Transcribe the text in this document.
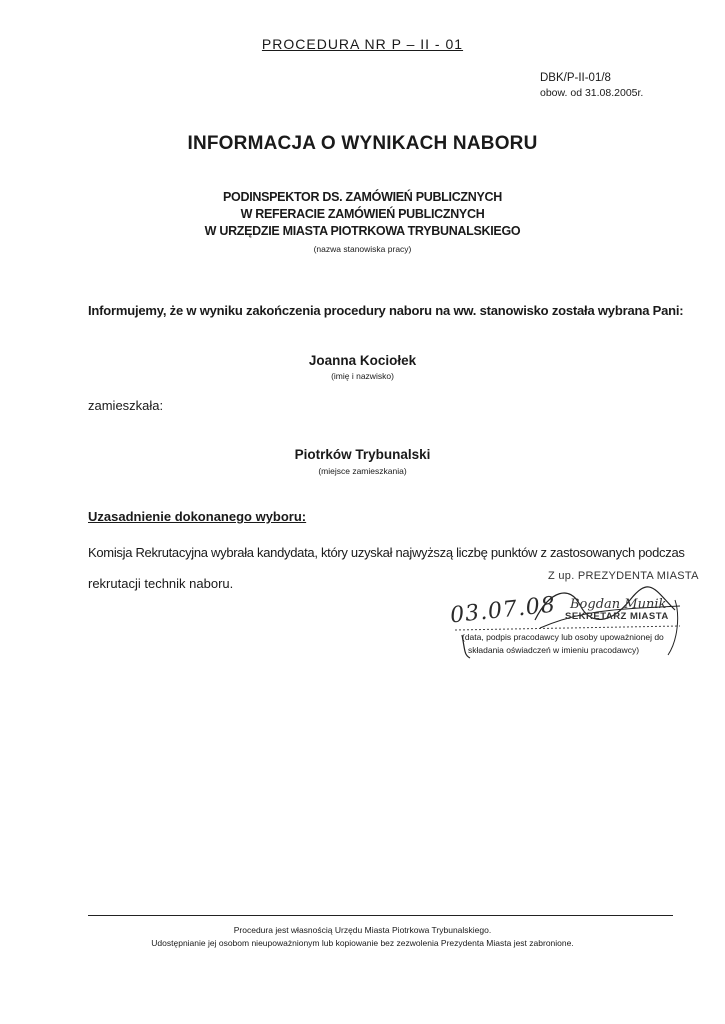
PROCEDURA NR P – II - 01
DBK/P-II-01/8
obow. od 31.08.2005r.
INFORMACJA O WYNIKACH NABORU
PODINSPEKTOR DS. ZAMÓWIEŃ PUBLICZNYCH
W REFERACIE ZAMÓWIEŃ PUBLICZNYCH
W URZĘDZIE MIASTA PIOTRKOWA TRYBUNALSKIEGO
(nazwa stanowiska pracy)
Informujemy, że w wyniku zakończenia procedury naboru na ww. stanowisko została wybrana Pani:
Joanna Kociołek
(imię i nazwisko)
zamieszkała:
Piotrków Trybunalski
(miejsce zamieszkania)
Uzasadnienie dokonanego wyboru:
Komisja Rekrutacyjna wybrała kandydata, który uzyskał najwyższą liczbę punktów z zastosowanych podczas
rekrutacji technik naboru.	Z up. PREZYDENTA MIASTA
03.07.08 Bogdan Munik
SEKRETARZ MIASTA
(data, podpis pracodawcy lub osoby upoważnionej do
składania oświadczeń w imieniu pracodawcy)
Procedura jest własnością Urzędu Miasta Piotrkowa Trybunalskiego.
Udostępnianie jej osobom nieupoważnionym lub kopiowanie bez zezwolenia Prezydenta Miasta jest zabronione.
